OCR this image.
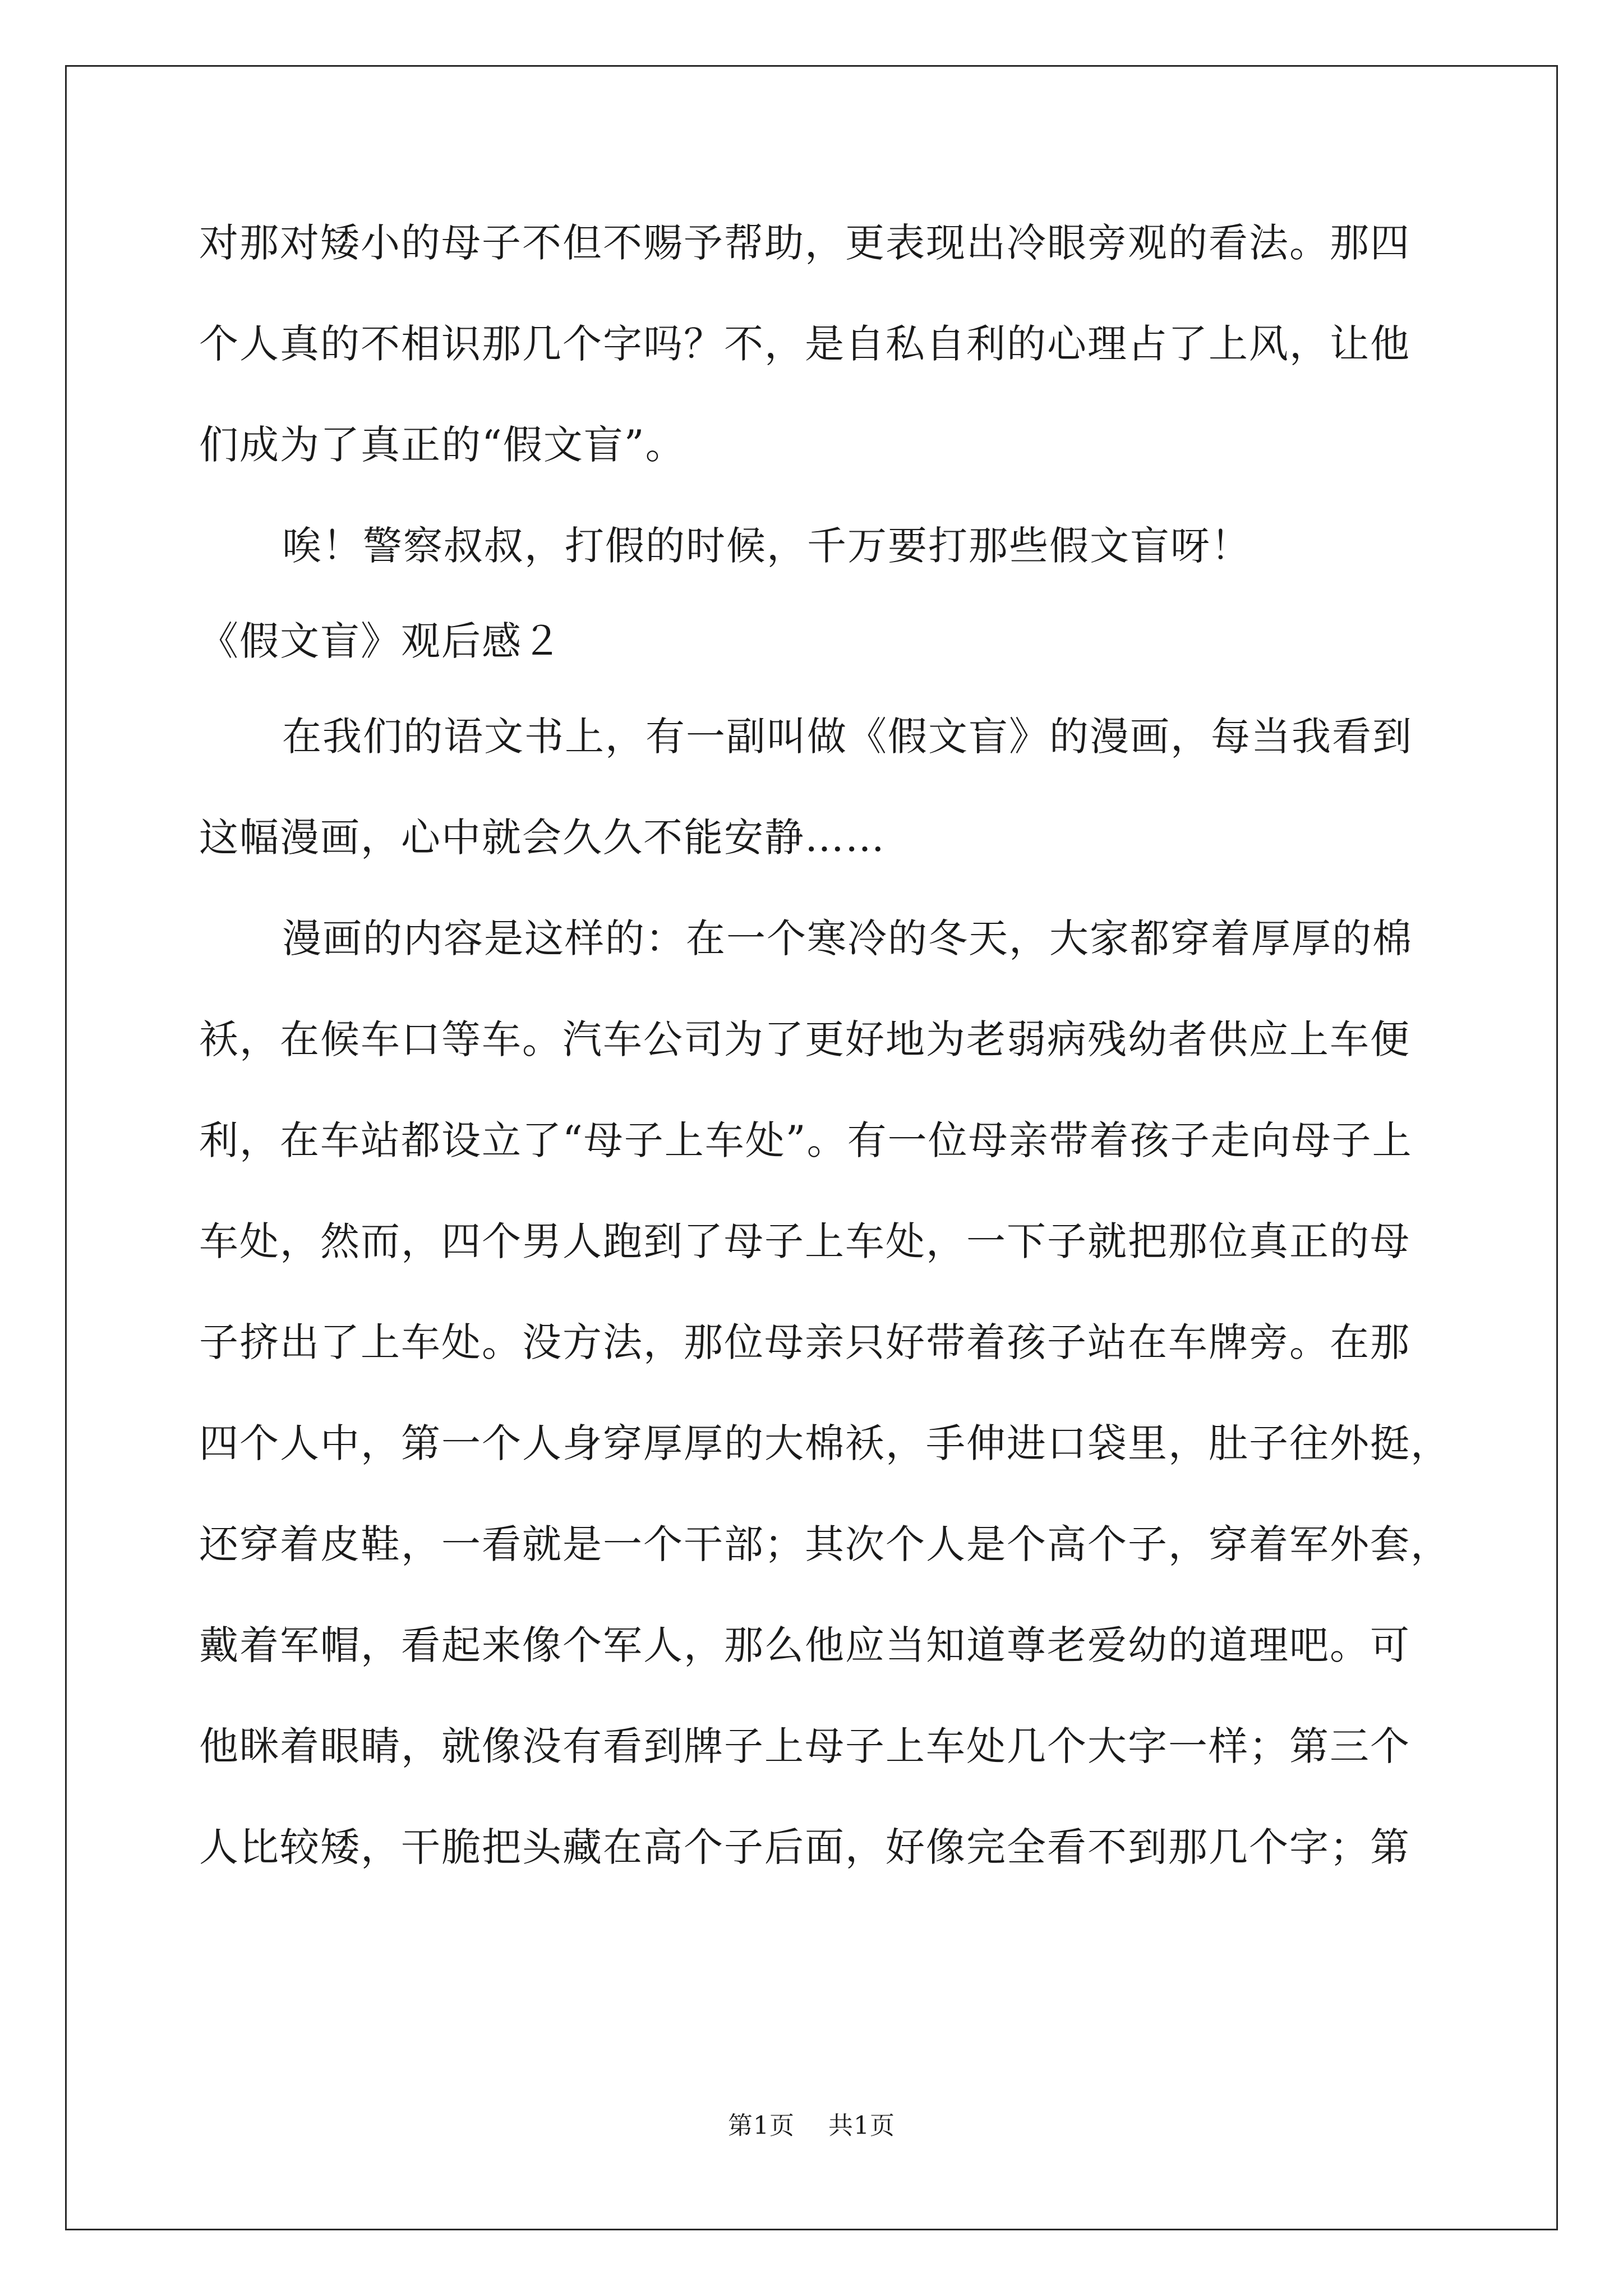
对那对矮小的母子不但不赐予帮助，更表现出冷眼旁观的看法。那四
个人真的不相识那几个字吗？不，是自私自利的心理占了上风，让他
们成为了真正的“假文盲”。
唉！警察叔叔，打假的时候，千万要打那些假文盲呀！
《假文盲》观后感２
在我们的语文书上，有一副叫做《假文盲》的漫画，每当我看到
这幅漫画，心中就会久久不能安静……
漫画的内容是这样的：在一个寒冷的冬天，大家都穿着厚厚的棉
袄，在候车口等车。汽车公司为了更好地为老弱病残幼者供应上车便
利，在车站都设立了“母子上车处”。有一位母亲带着孩子走向母子上
车处，然而，四个男人跑到了母子上车处，一下子就把那位真正的母
子挤出了上车处。没方法，那位母亲只好带着孩子站在车牌旁。在那
四个人中，第一个人身穿厚厚的大棉袄，手伸进口袋里，肚子往外挺，
还穿着皮鞋，一看就是一个干部；其次个人是个高个子，穿着军外套，
戴着军帽，看起来像个军人，那么他应当知道尊老爱幼的道理吧。可
他眯着眼睛，就像没有看到牌子上母子上车处几个大字一样；第三个
人比较矮，干脆把头藏在高个子后面，好像完全看不到那几个字；第
第1页 共1页
